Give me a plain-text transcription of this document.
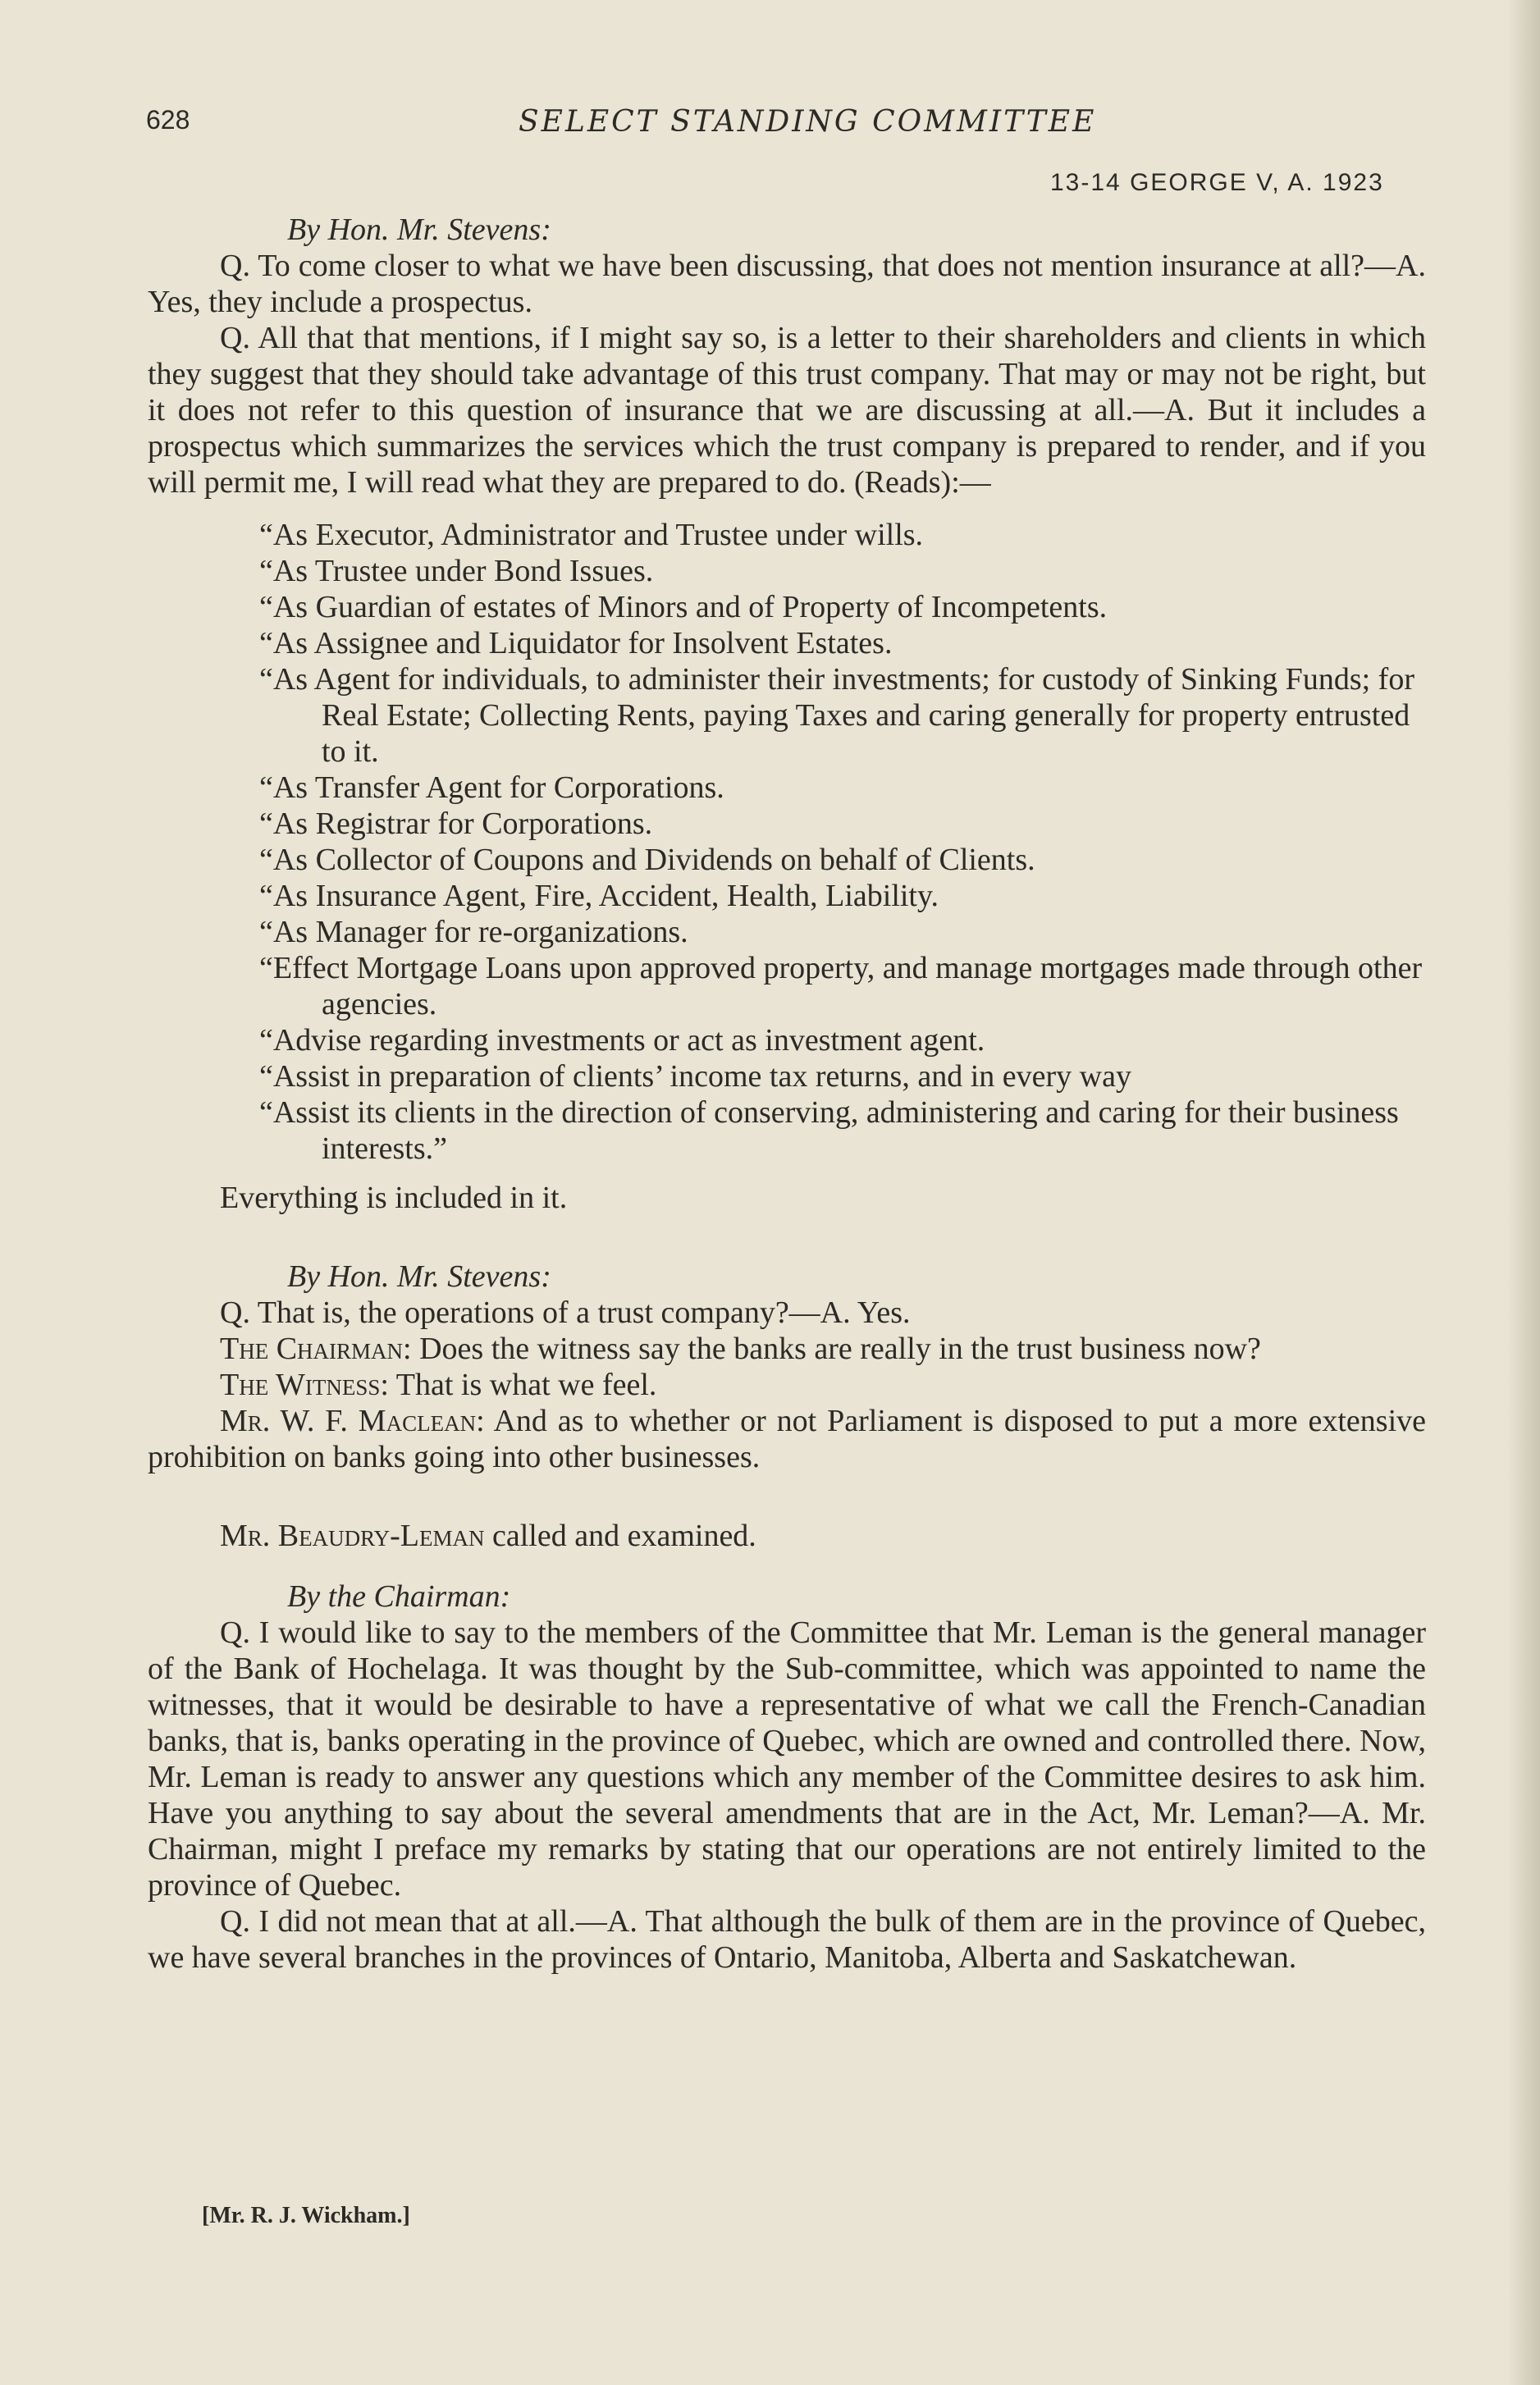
628	SELECT STANDING COMMITTEE
13-14 GEORGE V, A. 1923

By Hon. Mr. Stevens:

Q. To come closer to what we have been discussing, that does not mention insurance at all?—A. Yes, they include a prospectus.

Q. All that that mentions, if I might say so, is a letter to their shareholders and clients in which they suggest that they should take advantage of this trust company. That may or may not be right, but it does not refer to this question of insurance that we are discussing at all.—A. But it includes a prospectus which summarizes the services which the trust company is prepared to render, and if you will permit me, I will read what they are prepared to do. (Reads):—

“As Executor, Administrator and Trustee under wills.
“As Trustee under Bond Issues.
“As Guardian of estates of Minors and of Property of Incompetents.
“As Assignee and Liquidator for Insolvent Estates.
“As Agent for individuals, to administer their investments; for custody of Sinking Funds; for Real Estate; Collecting Rents, paying Taxes and caring generally for property entrusted to it.
“As Transfer Agent for Corporations.
“As Registrar for Corporations.
“As Collector of Coupons and Dividends on behalf of Clients.
“As Insurance Agent, Fire, Accident, Health, Liability.
“As Manager for re-organizations.
“Effect Mortgage Loans upon approved property, and manage mortgages made through other agencies.
“Advise regarding investments or act as investment agent.
“Assist in preparation of clients’ income tax returns, and in every way
“Assist its clients in the direction of conserving, administering and caring for their business interests.”

Everything is included in it.

By Hon. Mr. Stevens:

Q. That is, the operations of a trust company?—A. Yes.

The Chairman: Does the witness say the banks are really in the trust business now?

The Witness: That is what we feel.

Mr. W. F. Maclean: And as to whether or not Parliament is disposed to put a more extensive prohibition on banks going into other businesses.

Mr. Beaudry-Leman called and examined.

By the Chairman:

Q. I would like to say to the members of the Committee that Mr. Leman is the general manager of the Bank of Hochelaga. It was thought by the Sub-committee, which was appointed to name the witnesses, that it would be desirable to have a representative of what we call the French-Canadian banks, that is, banks operating in the province of Quebec, which are owned and controlled there. Now, Mr. Leman is ready to answer any questions which any member of the Committee desires to ask him. Have you anything to say about the several amendments that are in the Act, Mr. Leman?—A. Mr. Chairman, might I preface my remarks by stating that our operations are not entirely limited to the province of Quebec.

Q. I did not mean that at all.—A. That although the bulk of them are in the province of Quebec, we have several branches in the provinces of Ontario, Manitoba, Alberta and Saskatchewan.

[Mr. R. J. Wickham.]
